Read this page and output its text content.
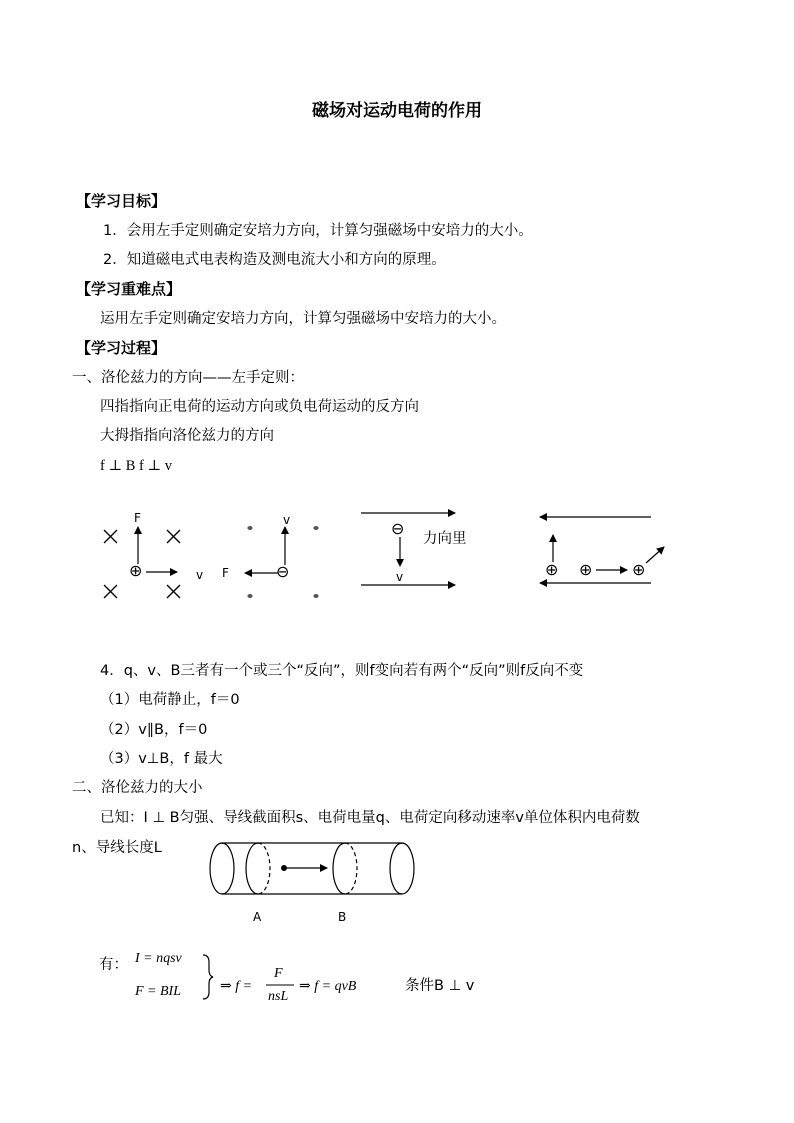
磁场对运动电荷的作用
【学习目标】
1．会用左手定则确定安培力方向，计算匀强磁场中安培力的大小。
2．知道磁电式电表构造及测电流大小和方向的原理。
【学习重难点】
运用左手定则确定安培力方向，计算匀强磁场中安培力的大小。
【学习过程】
一、洛伦兹力的方向——左手定则：
四指指向正电荷的运动方向或负电荷运动的反方向
大拇指指向洛伦兹力的方向
f ⊥ B f ⊥ v
F
⊕	v
v
F	⊖
⊖
力向里
v	⊕ ⊕ ⊕
4．q、v、B三者有一个或三个“反向”，则f变向若有两个“反向”则f反向不变
（1）电荷静止，f＝0
（2）v∥B，f＝0
（3）v⊥B，f 最大
二、洛伦兹力的大小
已知：I ⊥ B匀强、导线截面积s、电荷电量q、电荷定向移动速率v单位体积内电荷数
n、导线长度L
A	B
有： I = nqsv
F = BIL	⇒ f =
F
nsL
⇒ f = qvB	条件B ⊥ v
